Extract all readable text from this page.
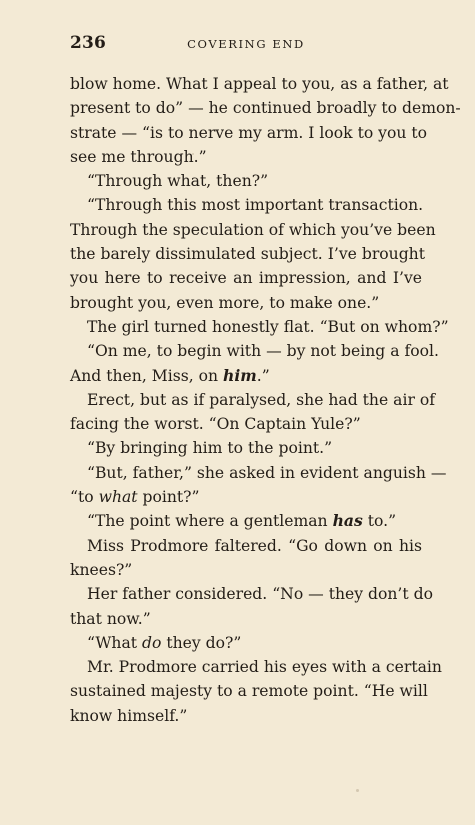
236	COVERING END
blow home. What I appeal to you, as a father, at
present to do” — he continued broadly to demon-
strate — “is to nerve my arm. I look to you to
see me through.”
“Through what, then?”
“Through this most important transaction.
Through the speculation of which you’ve been
the barely dissimulated subject. I’ve brought
you here to receive an impression, and I’ve
brought you, even more, to make one.”
The girl turned honestly flat. “But on whom?”
“On me, to begin with — by not being a fool.
And then, Miss, on him.”
Erect, but as if paralysed, she had the air of
facing the worst. “On Captain Yule?”
“By bringing him to the point.”
“But, father,” she asked in evident anguish —
“to what point?”
“The point where a gentleman has to.”
Miss Prodmore faltered. “Go down on his
knees?”
Her father considered. “No — they don’t do
that now.”
“What do they do?”
Mr. Prodmore carried his eyes with a certain
sustained majesty to a remote point. “He will
know himself.”
